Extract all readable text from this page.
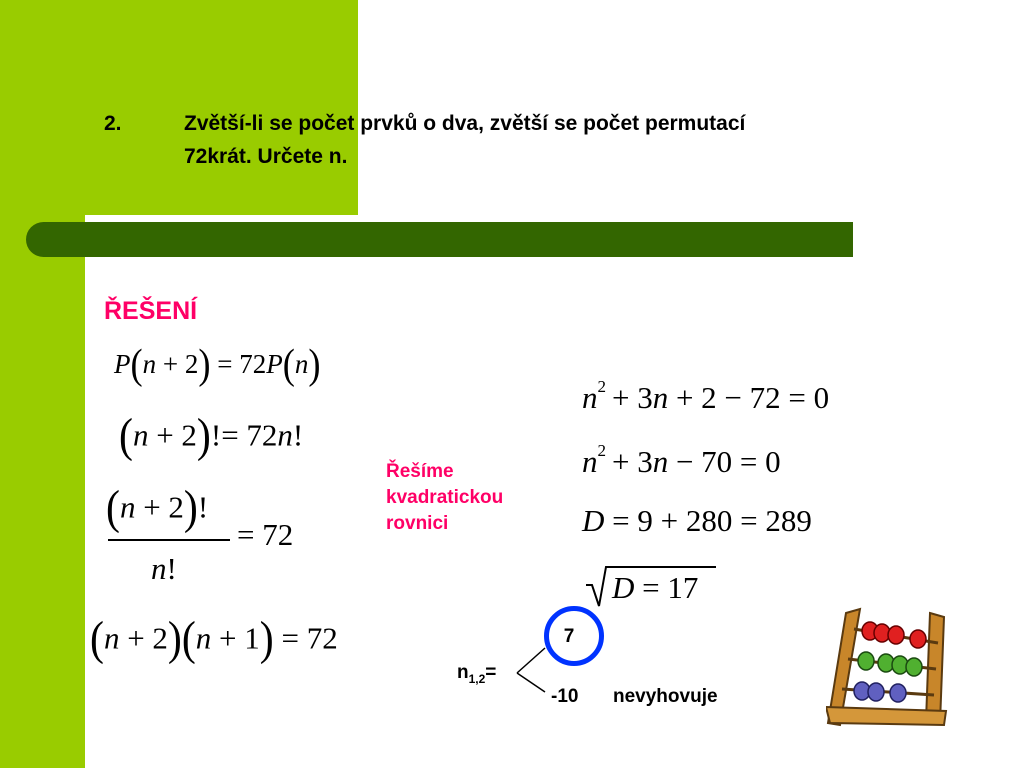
2.	Zvětší-li se počet prvků o dva, zvětší se počet permutací
72krát. Určete n.
ŘEŠENÍ
P(n + 2) = 72P(n)
(n + 2)!= 72n!
(n + 2)!
n!
= 72
(n + 2)(n + 1) = 72
Řešíme
kvadratickou
rovnici
$n^2 + 3n + 2 - 72 = 0$
$n^2 + 3n - 70 = 0$
D = 9 + 280 = 289
D = 17
$n_{1,2}=$
7
-10 nevyhovuje
